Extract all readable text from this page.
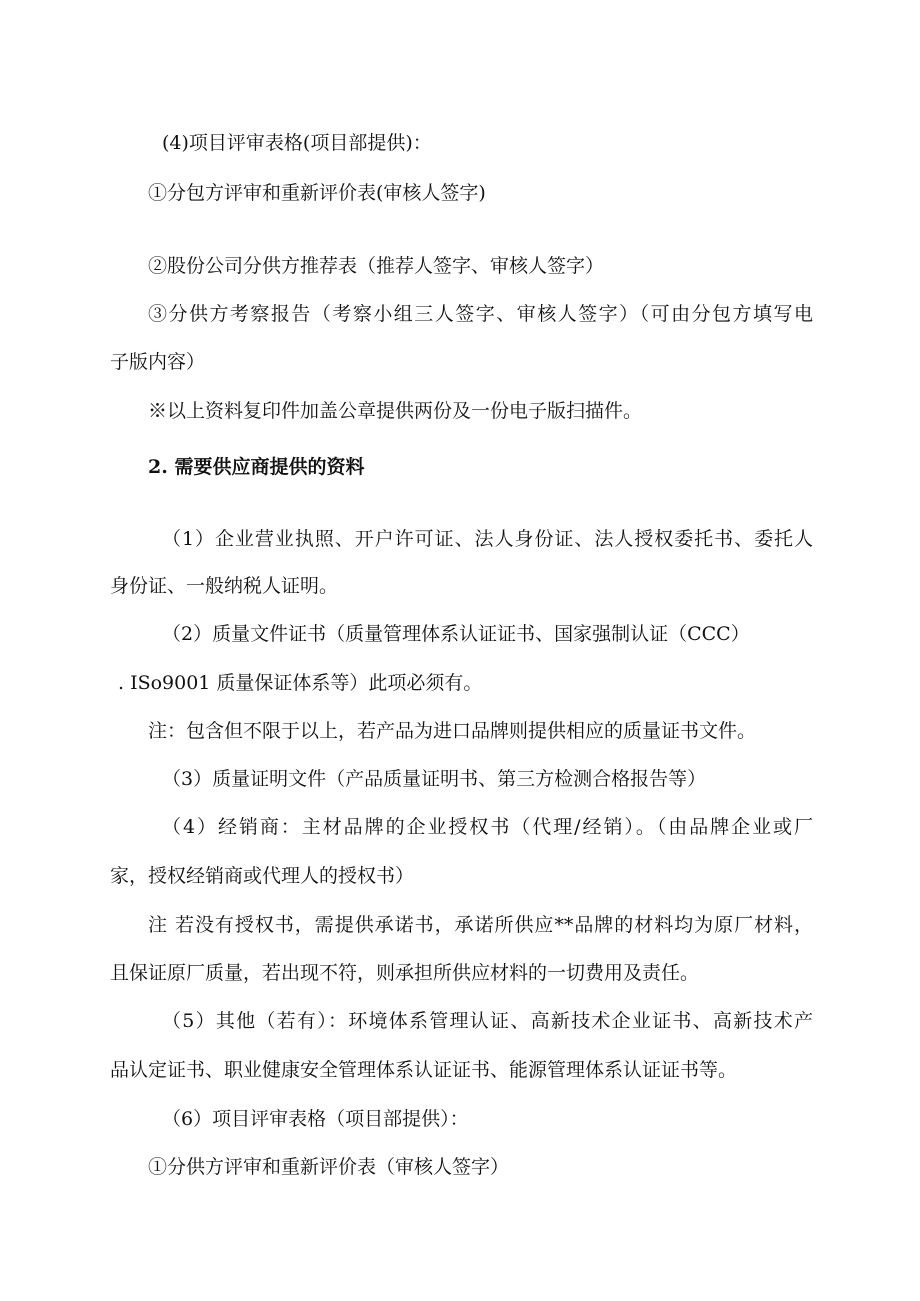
(4)项目评审表格(项目部提供)：

①分包方评审和重新评价表(审核人签字)

②股份公司分供方推荐表（推荐人签字、审核人签字）

③分供方考察报告（考察小组三人签字、审核人签字）（可由分包方填写电

子版内容）

※以上资料复印件加盖公章提供两份及一份电子版扫描件。

2. 需要供应商提供的资料

（1）企业营业执照、开户许可证、法人身份证、法人授权委托书、委托人

身份证、一般纳税人证明。

（2）质量文件证书（质量管理体系认证证书、国家强制认证（CCC）

. ISo9001 质量保证体系等）此项必须有。

注：包含但不限于以上，若产品为进口品牌则提供相应的质量证书文件。

（3）质量证明文件（产品质量证明书、第三方检测合格报告等）

（4）经销商：主材品牌的企业授权书（代理/经销）。（由品牌企业或厂

家，授权经销商或代理人的授权书）

注 若没有授权书，需提供承诺书，承诺所供应**品牌的材料均为原厂材料，

且保证原厂质量，若出现不符，则承担所供应材料的一切费用及责任。

（5）其他（若有）：环境体系管理认证、高新技术企业证书、高新技术产

品认定证书、职业健康安全管理体系认证证书、能源管理体系认证证书等。

（6）项目评审表格（项目部提供）：

①分供方评审和重新评价表（审核人签字）
